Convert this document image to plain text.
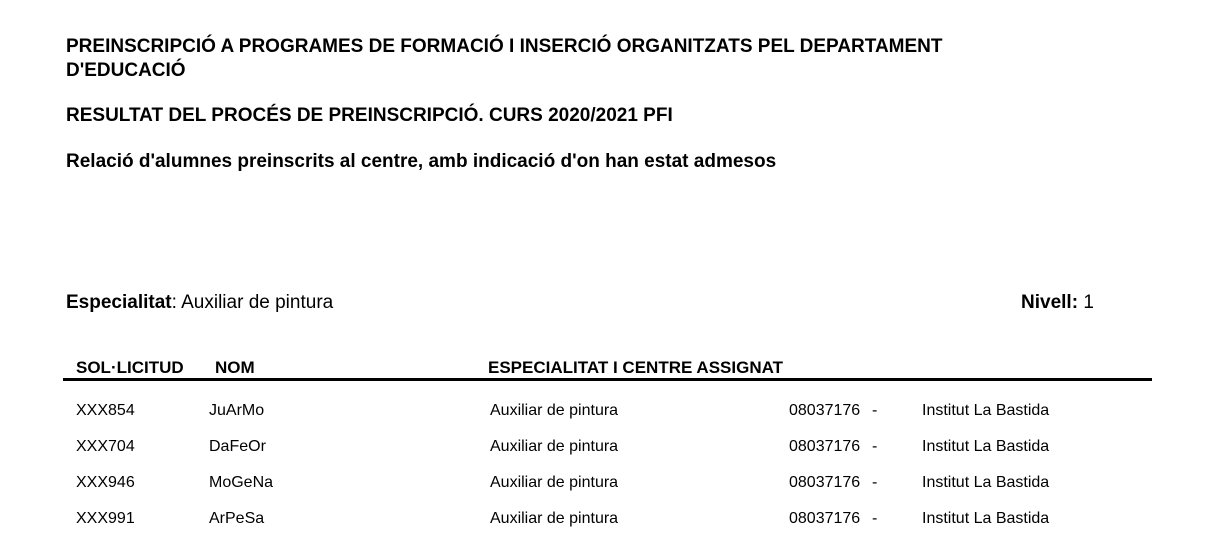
PREINSCRIPCIÓ A PROGRAMES DE FORMACIÓ I INSERCIÓ ORGANITZATS PEL DEPARTAMENT D'EDUCACIÓ
RESULTAT DEL PROCÉS DE PREINSCRIPCIÓ. CURS 2020/2021 PFI
Relació d'alumnes preinscrits al centre, amb indicació d'on han estat admesos
Especialitat: Auxiliar de pintura	Nivell: 1
SOL·LICITUD NOM	ESPECIALITAT I CENTRE ASSIGNAT
XXX854	JuArMo	Auxiliar de pintura	08037176 -	Institut La Bastida
XXX704	DaFeOr	Auxiliar de pintura	08037176 -	Institut La Bastida
XXX946	MoGeNa	Auxiliar de pintura	08037176 -	Institut La Bastida
XXX991	ArPeSa	Auxiliar de pintura	08037176 -	Institut La Bastida
